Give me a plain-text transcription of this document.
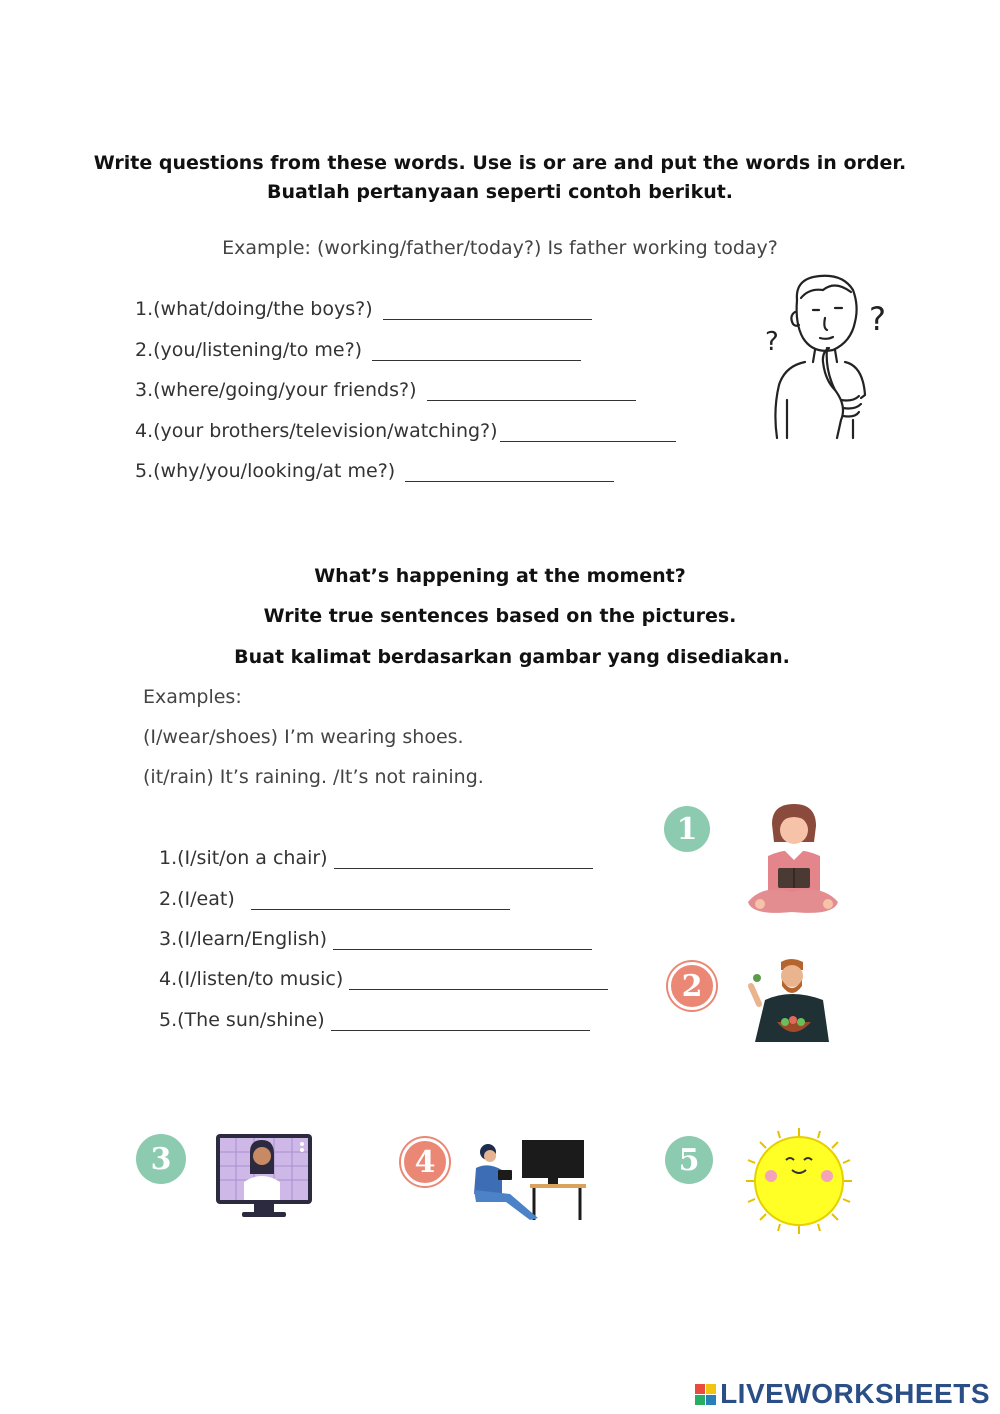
Write questions from these words. Use is or are and put the words in order.
Buatlah pertanyaan seperti contoh berikut.
Example: (working/father/today?) Is father working today?
1.(what/doing/the boys?)
2.(you/listening/to me?)
3.(where/going/your friends?)
4.(your brothers/television/watching?)
5.(why/you/looking/at me?)
?
?
What’s happening at the moment?
Write true sentences based on the pictures.
Buat kalimat berdasarkan gambar yang disediakan.
Examples:
(I/wear/shoes) I’m wearing shoes.
(it/rain) It’s raining. /It’s not raining.
1.(I/sit/on a chair)
2.(I/eat)
3.(I/learn/English)
4.(I/listen/to music)
5.(The sun/shine)
1
2
3	4	5
LIVEWORKSHEETS
